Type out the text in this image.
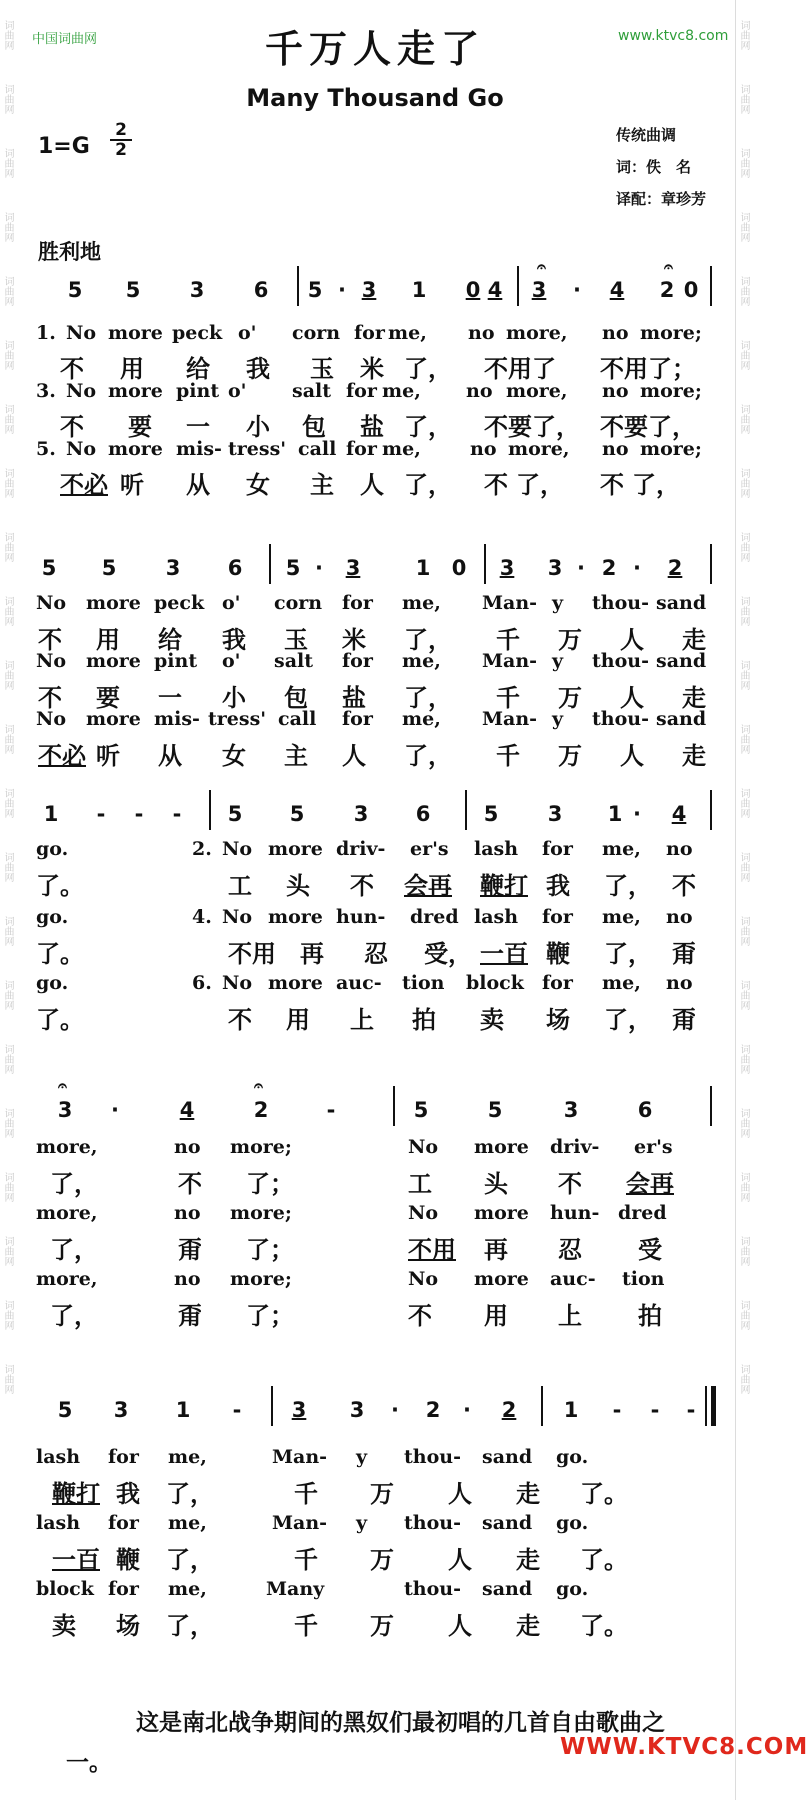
词曲网
词曲网
词曲网
词曲网
词曲网
词曲网
词曲网
词曲网
词曲网
词曲网
词曲网
词曲网
词曲网
词曲网
词曲网
词曲网
词曲网
词曲网
词曲网
词曲网
词曲网
词曲网
词曲网
词曲网
词曲网
词曲网
词曲网
词曲网
词曲网
词曲网
词曲网
词曲网
词曲网
词曲网
词曲网
词曲网
词曲网
词曲网
词曲网
词曲网
词曲网
词曲网
词曲网
词曲网
中国词曲网	www.ktvc8.com
千万人走了
Many Thousand Go
1=G
2
2
传统曲调
词：佚　名
译配：章珍芳
胜利地
𝄐	𝄐
5	5	3	6	5 · 3	1	0 4	3	·	4	2 0
1. No more peck o' corn for me, no more, no more;
不 用 给 我 玉 米 了， 不用了 不用了；
3. No more pint o' salt for me, no more, no more;
不 要 一 小 包 盐 了， 不要了， 不要了，
5. No more mis- tress' call for me,	no more, no more;
不必 听 从 女 主 人 了， 不 了， 不 了，
5	5	3	6	5 ·	3	1	0	3	3 · 2 ·	2
No more peck o' corn for me, Man- y thou- sand
不 用 给 我 玉 米 了， 千 万 人 走
No more pint o' salt for me, Man- y thou- sand
不 要 一 小 包 盐 了， 千 万 人 走
No more mis- tress' call for me, Man- y thou- sand
不必 听 从 女 主 人 了， 千 万 人 走
1	-	-	-	5	5	3	6	5	3	1 ·	4
go.	2. No more driv- er's lash for me, no
了。	工 头 不 会再 鞭打 我 了， 不
go.	4. No more hun- dred lash for me, no
了。	不用 再 忍 受， 一百 鞭 了， 甭
go.	6. No more auc- tion block for me, no
了。	不 用 上 拍 卖 场 了， 甭
𝄐	𝄐
3	·	4	2	-	5	5	3	6
more,	no more;	No more driv- er's
了，	不 了；	工 头 不 会再
more,	no more;	No more hun- dred
了，	甭 了；	不用 再 忍 受
more,	no more;	No more auc- tion
了，	甭 了；	不 用 上 拍
5	3	1	-	3	3	·	2	·	2	1	-	-	-
lash for me,	Man- y thou- sand go.
鞭打 我 了，	千 万 人 走 了。
lash for me,	Man- y thou- sand go.
一百 鞭 了，	千 万 人 走 了。
block for me,	Many	thou- sand go.
卖 场 了，	千 万 人 走 了。
这是南北战争期间的黑奴们最初唱的几首自由歌曲之
一。
WWW.KTVC8.COM
